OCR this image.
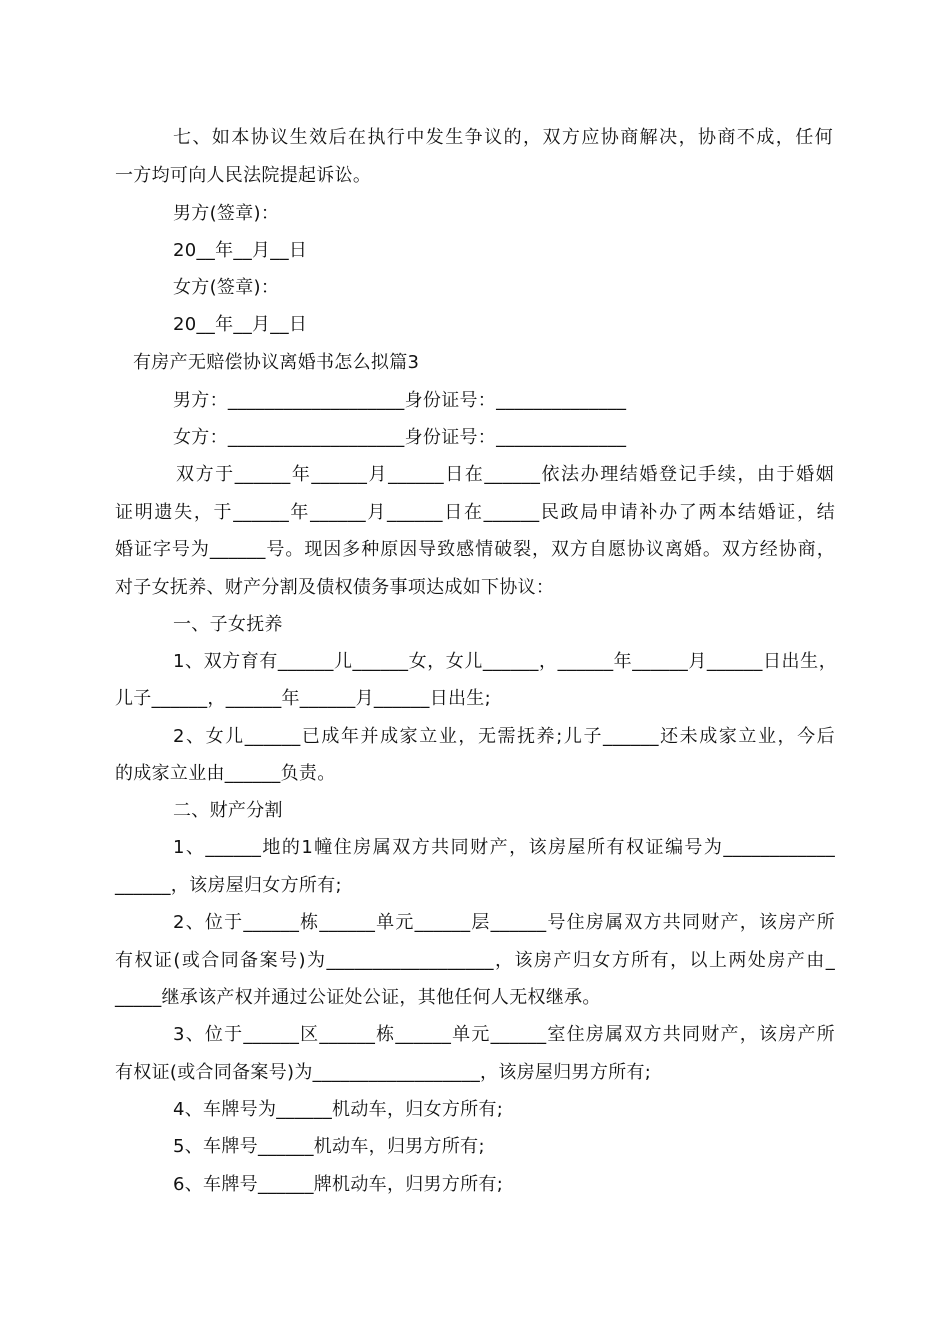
七、如本协议生效后在执行中发生争议的，双方应协商解决，协商不成，任何
一方均可向人民法院提起诉讼。
男方(签章)：
20__年__月__日
女方(签章)：
20__年__月__日
有房产无赔偿协议离婚书怎么拟篇3
男方：___________________身份证号：______________
女方：___________________身份证号：______________
双方于______年______月______日在______依法办理结婚登记手续，由于婚姻
证明遗失，于______年______月______日在______民政局申请补办了两本结婚证，结
婚证字号为______号。现因多种原因导致感情破裂，双方自愿协议离婚。双方经协商，
对子女抚养、财产分割及债权债务事项达成如下协议：
一、子女抚养
1、双方育有______儿______女，女儿______，______年______月______日出生，
儿子______，______年______月______日出生;
2、女儿______已成年并成家立业，无需抚养;儿子______还未成家立业，今后
的成家立业由______负责。
二、财产分割
1、______地的1幢住房属双方共同财产，该房屋所有权证编号为____________
______，该房屋归女方所有;
2、位于______栋______单元______层______号住房属双方共同财产，该房产所
有权证(或合同备案号)为__________________，该房产归女方所有，以上两处房产由_
_____继承该产权并通过公证处公证，其他任何人无权继承。
3、位于______区______栋______单元______室住房属双方共同财产，该房产所
有权证(或合同备案号)为__________________，该房屋归男方所有;
4、车牌号为______机动车，归女方所有;
5、车牌号______机动车，归男方所有;
6、车牌号______牌机动车，归男方所有;
